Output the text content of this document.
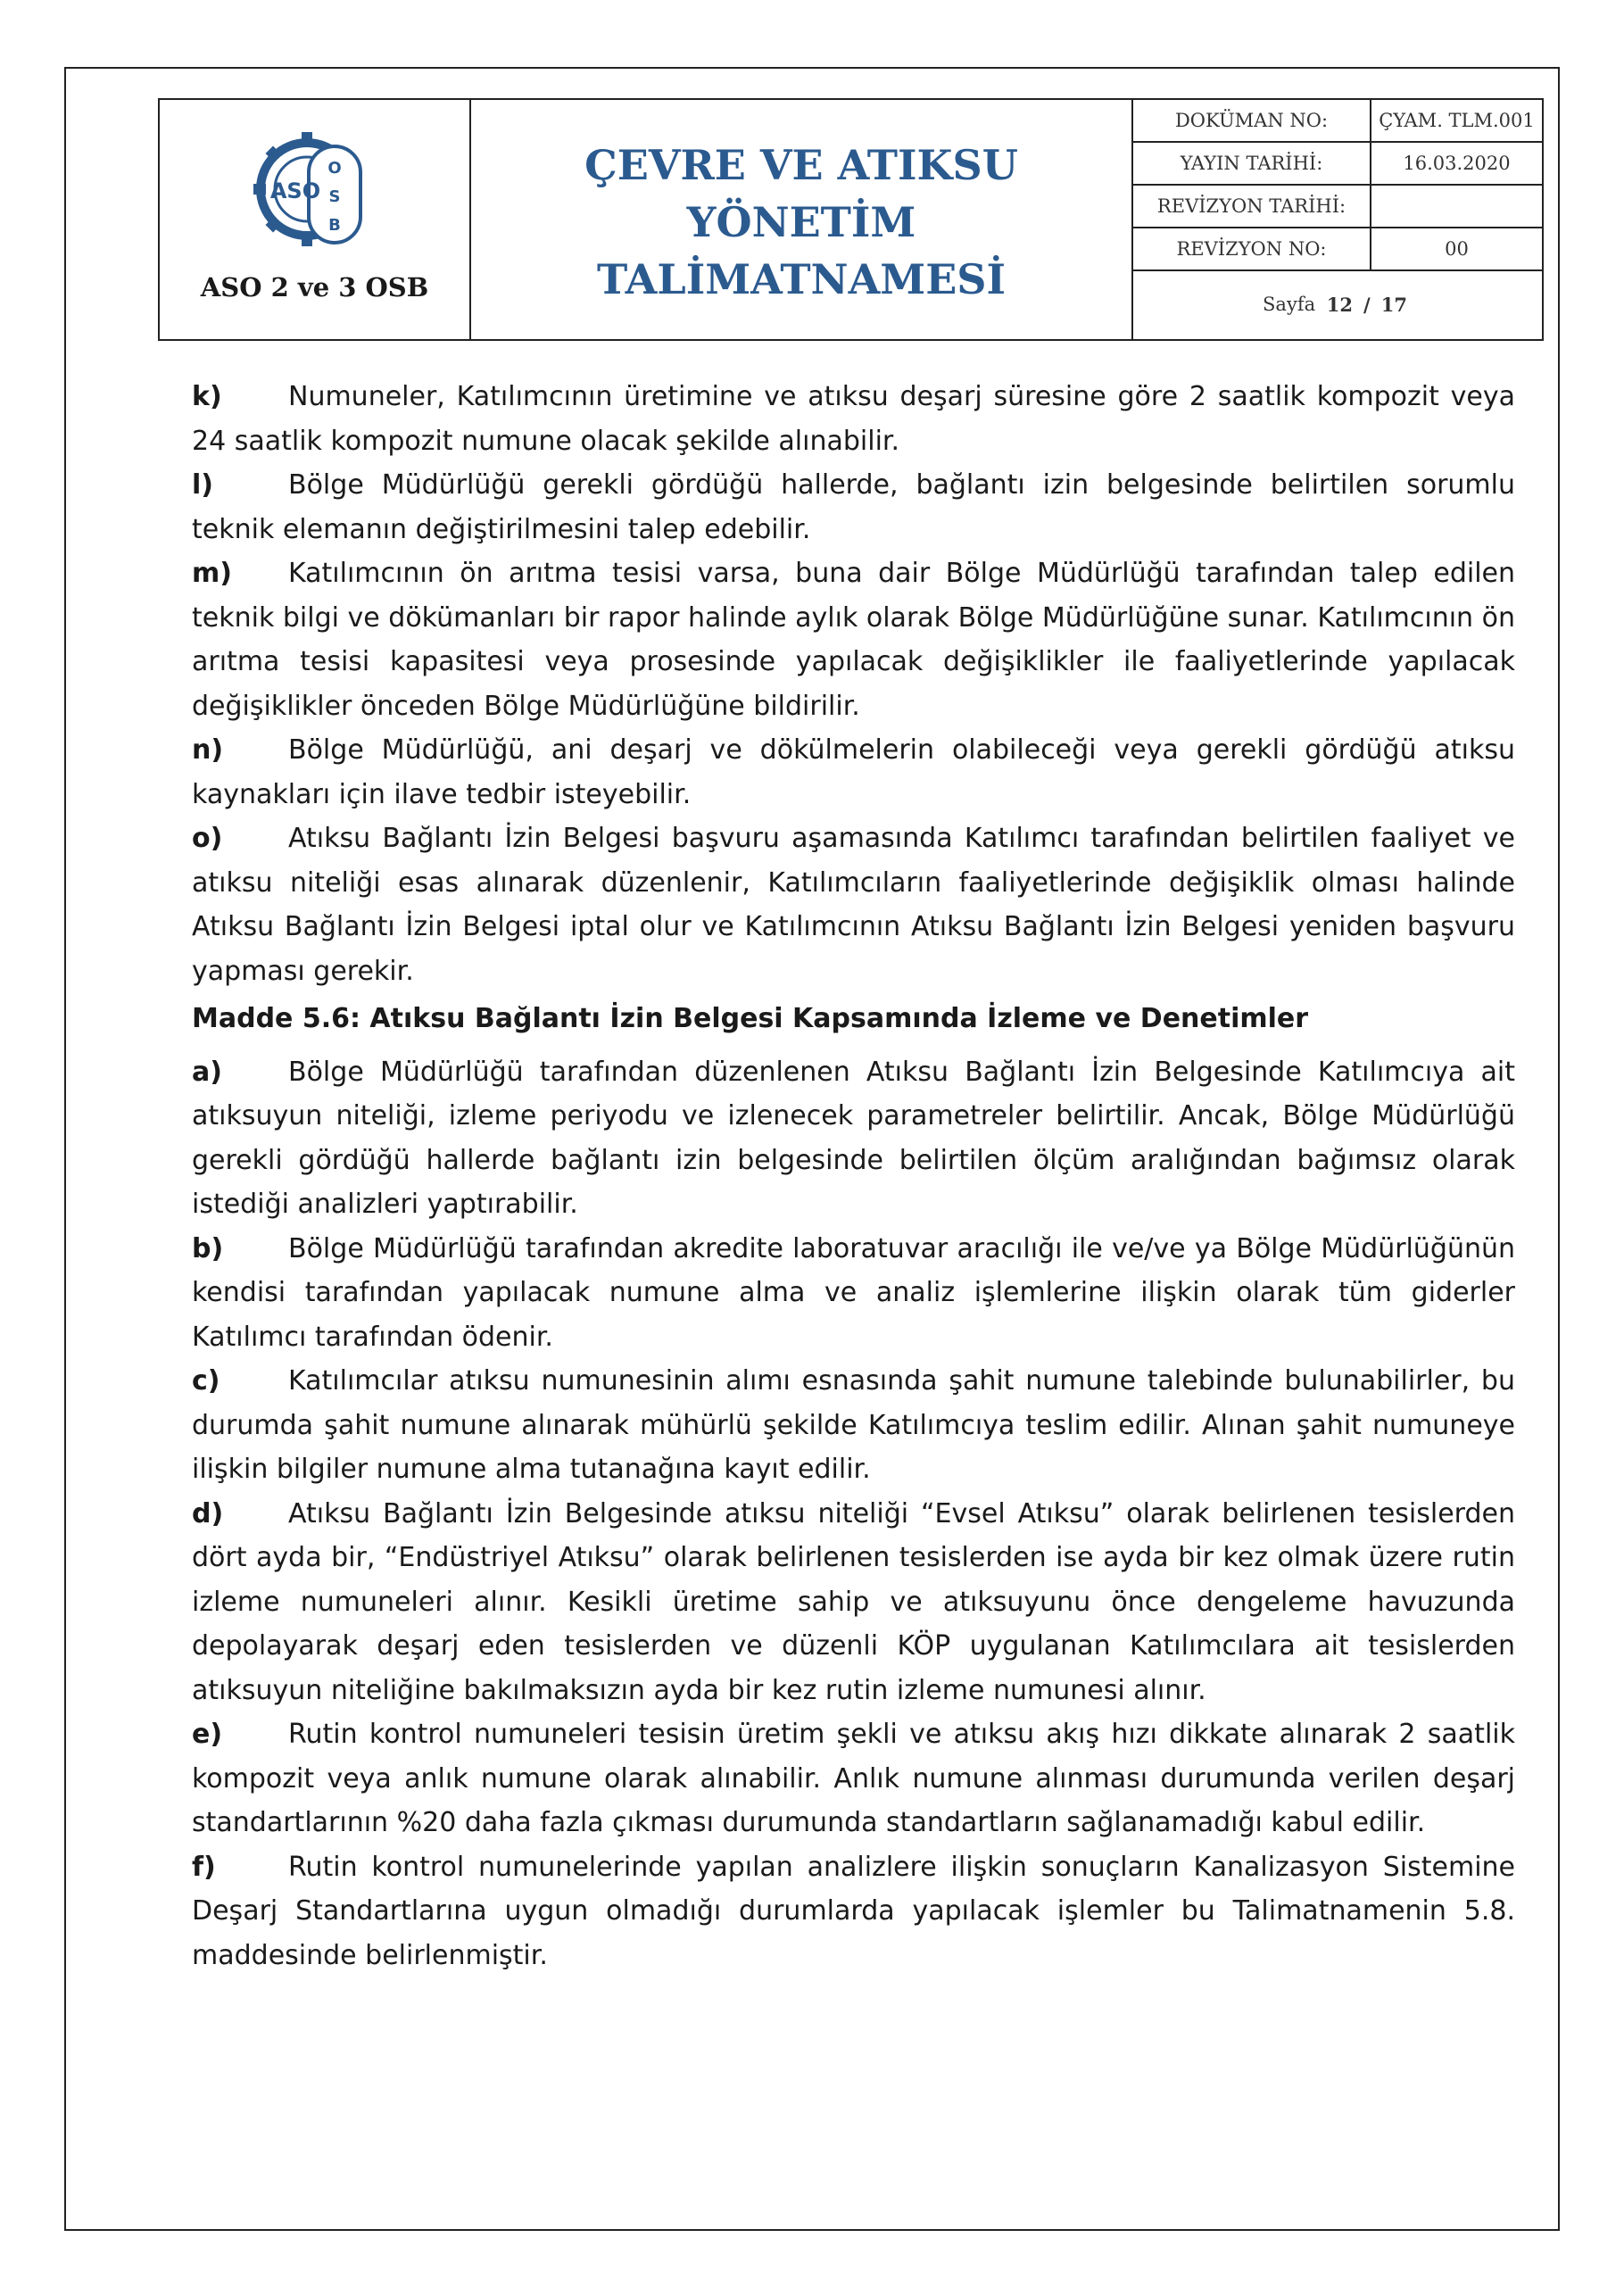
ASO
O
S
B
ASO 2 ve 3 OSB
ÇEVRE VE ATIKSU YÖNETİM
TALİMATNAMESİ
DOKÜMAN NO:	ÇYAM. TLM.001
YAYIN TARİHİ:	16.03.2020
REVİZYON TARİHİ:	
REVİZYON NO:	00
Sayfa
12 / 17

k) Numuneler, Katılımcının üretimine ve atıksu deşarj süresine göre 2 saatlik kompozit veya 24 saatlik kompozit numune olacak şekilde alınabilir.

l)	Bölge Müdürlüğü gerekli gördüğü hallerde, bağlantı izin belgesinde belirtilen sorumlu teknik elemanın değiştirilmesini talep edebilir.

m) Katılımcının ön arıtma tesisi varsa, buna dair Bölge Müdürlüğü tarafından talep edilen teknik bilgi ve dökümanları bir rapor halinde aylık olarak Bölge Müdürlüğüne sunar. Katılımcının ön arıtma tesisi kapasitesi veya prosesinde yapılacak değişiklikler ile faaliyetlerinde yapılacak değişiklikler önceden Bölge Müdürlüğüne bildirilir.

n) Bölge Müdürlüğü, ani deşarj ve dökülmelerin olabileceği veya gerekli gördüğü atıksu kaynakları için ilave tedbir isteyebilir.

o) Atıksu Bağlantı İzin Belgesi başvuru aşamasında Katılımcı tarafından belirtilen faaliyet ve atıksu niteliği esas alınarak düzenlenir, Katılımcıların faaliyetlerinde değişiklik olması halinde Atıksu Bağlantı İzin Belgesi iptal olur ve Katılımcının Atıksu Bağlantı İzin Belgesi yeniden başvuru yapması gerekir.

Madde 5.6: Atıksu Bağlantı İzin Belgesi Kapsamında İzleme ve Denetimler

a) Bölge Müdürlüğü tarafından düzenlenen Atıksu Bağlantı İzin Belgesinde Katılımcıya ait atıksuyun niteliği, izleme periyodu ve izlenecek parametreler belirtilir. Ancak, Bölge Müdürlüğü gerekli gördüğü hallerde bağlantı izin belgesinde belirtilen ölçüm aralığından bağımsız olarak istediği analizleri yaptırabilir.

b) Bölge Müdürlüğü tarafından akredite laboratuvar aracılığı ile ve/ve ya Bölge Müdürlüğünün kendisi tarafından yapılacak numune alma ve analiz işlemlerine ilişkin olarak tüm giderler Katılımcı tarafından ödenir.

c)	Katılımcılar atıksu numunesinin alımı esnasında şahit numune talebinde bulunabilirler, bu durumda şahit numune alınarak mühürlü şekilde Katılımcıya teslim edilir. Alınan şahit numuneye ilişkin bilgiler numune alma tutanağına kayıt edilir.

d) Atıksu Bağlantı İzin Belgesinde atıksu niteliği “Evsel Atıksu” olarak belirlenen tesislerden dört ayda bir, “Endüstriyel Atıksu” olarak belirlenen tesislerden ise ayda bir kez olmak üzere rutin izleme numuneleri alınır. Kesikli üretime sahip ve atıksuyunu önce dengeleme havuzunda depolayarak deşarj eden tesislerden ve düzenli KÖP uygulanan Katılımcılara ait tesislerden atıksuyun niteliğine bakılmaksızın ayda bir kez rutin izleme numunesi alınır.

e) Rutin kontrol numuneleri tesisin üretim şekli ve atıksu akış hızı dikkate alınarak 2 saatlik kompozit veya anlık numune olarak alınabilir. Anlık numune alınması durumunda verilen deşarj standartlarının %20 daha fazla çıkması durumunda standartların sağlanamadığı kabul edilir.

f)	Rutin kontrol numunelerinde yapılan analizlere ilişkin sonuçların Kanalizasyon Sistemine Deşarj Standartlarına uygun olmadığı durumlarda yapılacak işlemler bu Talimatnamenin 5.8. maddesinde belirlenmiştir.
